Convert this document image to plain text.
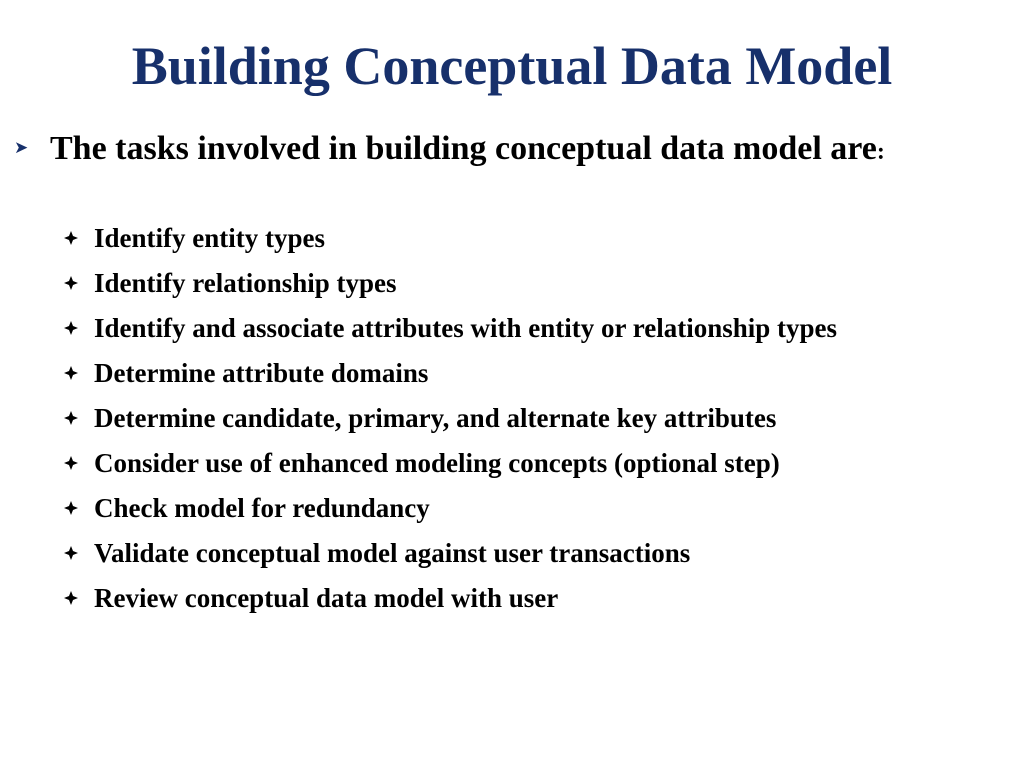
Building Conceptual Data Model
➤ The tasks involved in building conceptual data model are:
Identify entity types
Identify relationship types
Identify and associate attributes with entity or relationship types
Determine attribute domains
Determine candidate, primary, and alternate key attributes
Consider use of enhanced modeling concepts (optional step)
Check model for redundancy
Validate conceptual model against user transactions
Review conceptual data model with user
